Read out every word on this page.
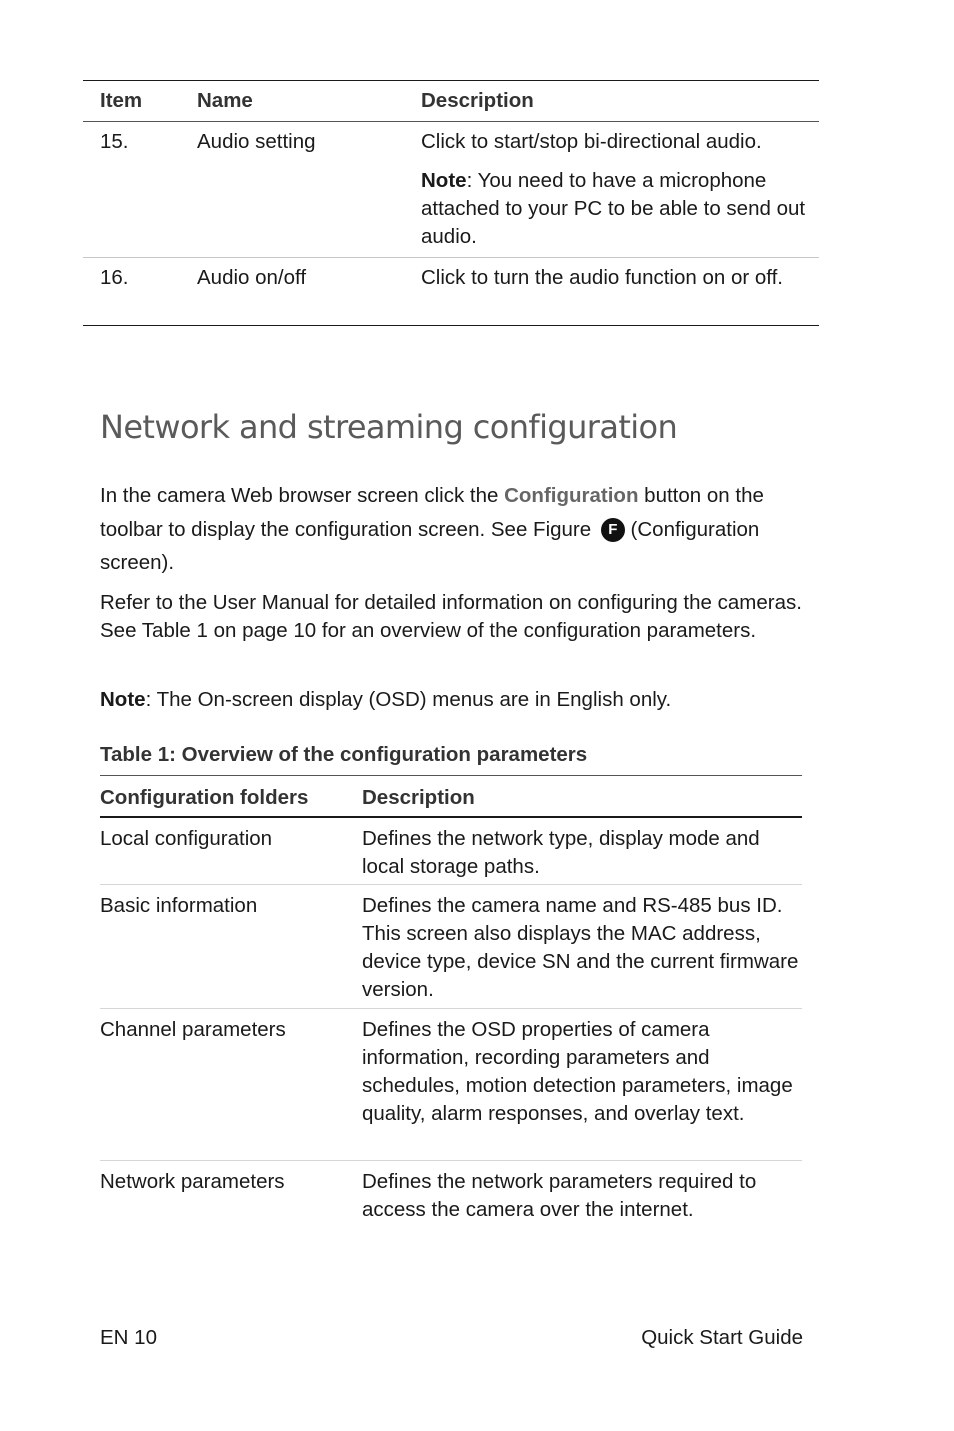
Item	Name	Description
15.	Audio setting	Click to start/stop bi-directional audio.
Note: You need to have a microphone attached to your PC to be able to send out audio.
16.	Audio on/off	Click to turn the audio function on or off.
Network and streaming configuration

In the camera Web browser screen click the Configuration button on the toolbar to display the configuration screen. See Figure F (Configuration screen).

Refer to the User Manual for detailed information on configuring the cameras. See Table 1 on page 10 for an overview of the configuration parameters.

Note: The On-screen display (OSD) menus are in English only.

Table 1: Overview of the configuration parameters

Configuration folders	Description
Local configuration	Defines the network type, display mode and local storage paths.
Basic information	Defines the camera name and RS-485 bus ID. This screen also displays the MAC address, device type, device SN and the current firmware version.
Channel parameters	Defines the OSD properties of camera information, recording parameters and schedules, motion detection parameters, image quality, alarm responses, and overlay text.
Network parameters	Defines the network parameters required to access the camera over the internet.

EN 10	Quick Start Guide
